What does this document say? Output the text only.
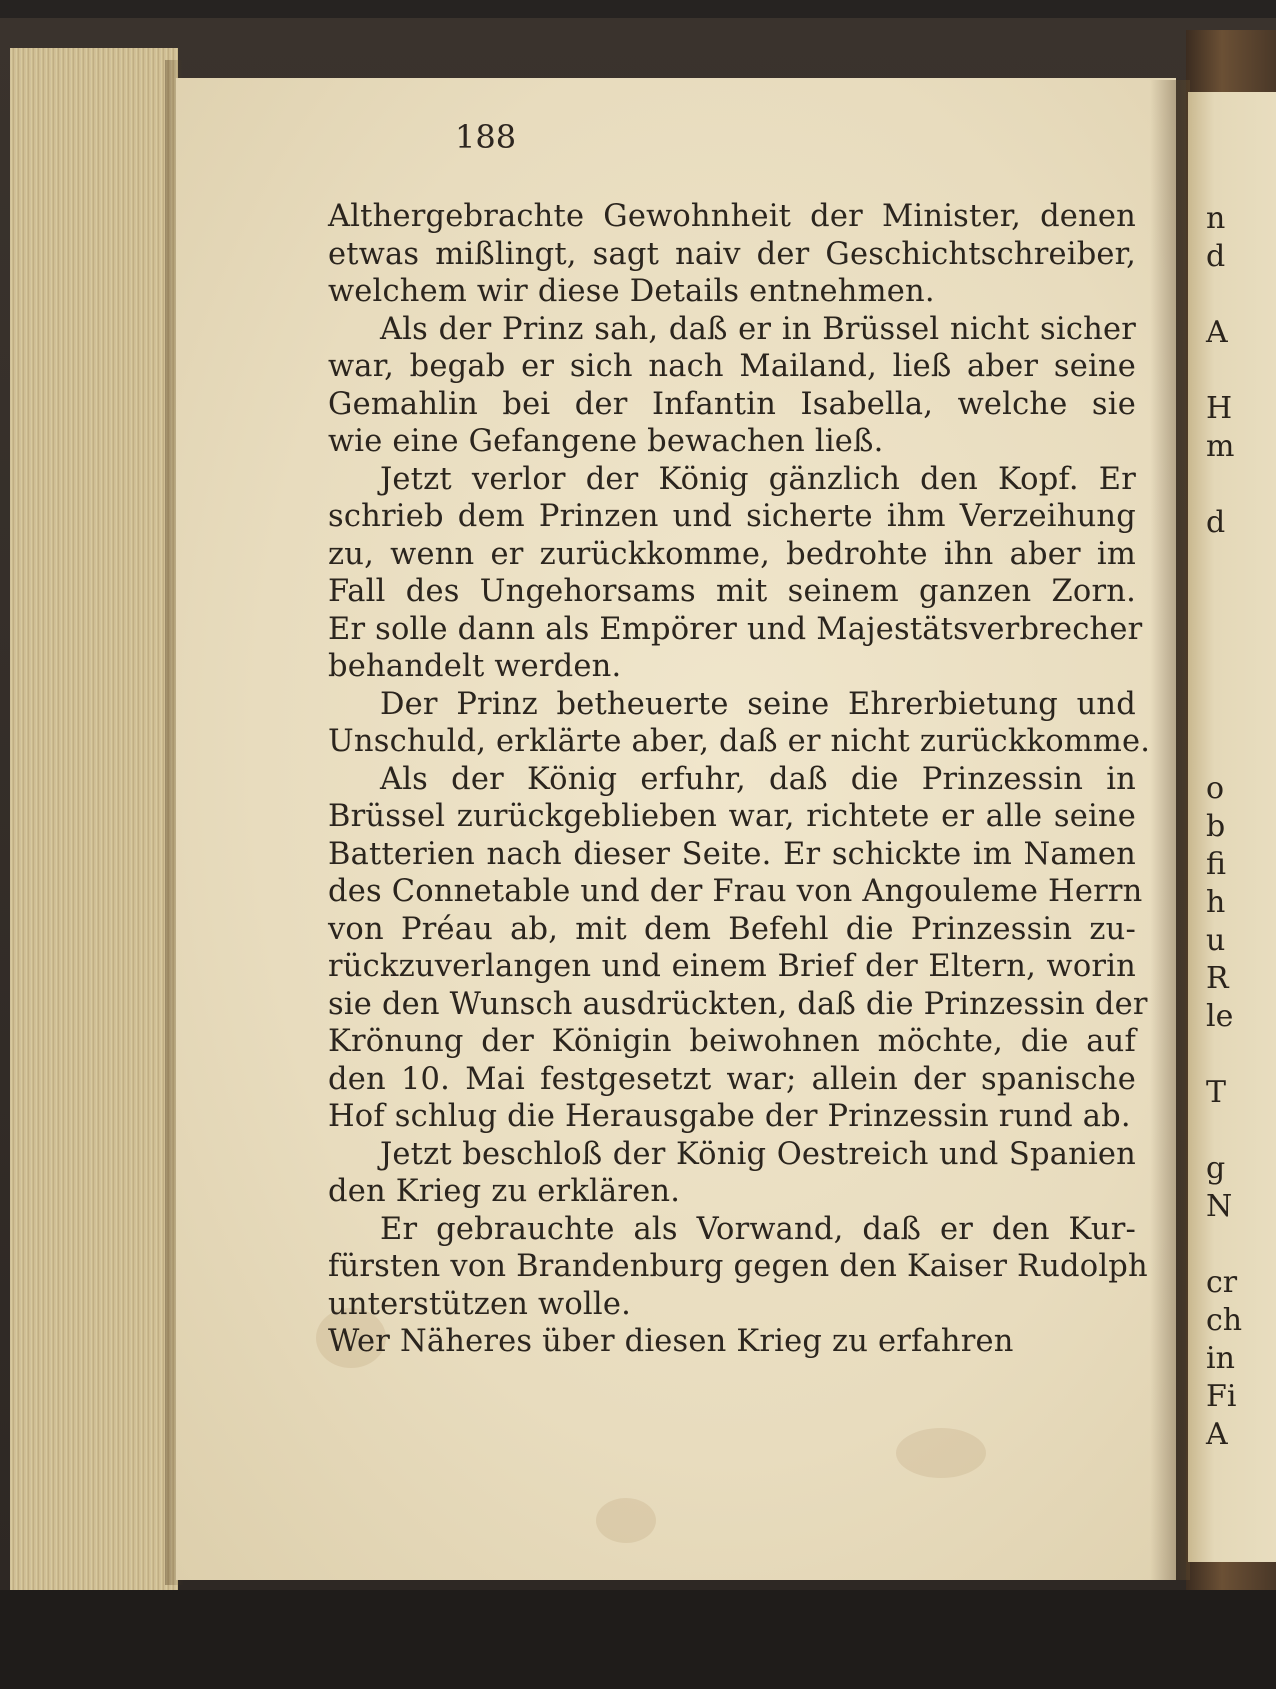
n
d
A
H
m
d
o
b
fi
h
u
R
le
T
g
N
cr
ch
in
Fi
A
188
Althergebrachte Gewohnheit der Minister, denen
etwas mißlingt, sagt naiv der Geschichtschreiber,
welchem wir diese Details entnehmen.
Als der Prinz sah, daß er in Brüssel nicht sicher
war, begab er sich nach Mailand, ließ aber seine
Gemahlin bei der Infantin Isabella, welche sie
wie eine Gefangene bewachen ließ.
Jetzt verlor der König gänzlich den Kopf. Er
schrieb dem Prinzen und sicherte ihm Verzeihung
zu, wenn er zurückkomme, bedrohte ihn aber im
Fall des Ungehorsams mit seinem ganzen Zorn.
Er solle dann als Empörer und Majestätsverbrecher
behandelt werden.
Der Prinz betheuerte seine Ehrerbietung und
Unschuld, erklärte aber, daß er nicht zurückkomme.
Als der König erfuhr, daß die Prinzessin in
Brüssel zurückgeblieben war, richtete er alle seine
Batterien nach dieser Seite. Er schickte im Namen
des Connetable und der Frau von Angouleme Herrn
von Préau ab, mit dem Befehl die Prinzessin zu-
rückzuverlangen und einem Brief der Eltern, worin
sie den Wunsch ausdrückten, daß die Prinzessin der
Krönung der Königin beiwohnen möchte, die auf
den 10. Mai festgesetzt war; allein der spanische
Hof schlug die Herausgabe der Prinzessin rund ab.
Jetzt beschloß der König Oestreich und Spanien
den Krieg zu erklären.
Er gebrauchte als Vorwand, daß er den Kur-
fürsten von Brandenburg gegen den Kaiser Rudolph
unterstützen wolle.
Wer Näheres über diesen Krieg zu erfahren
